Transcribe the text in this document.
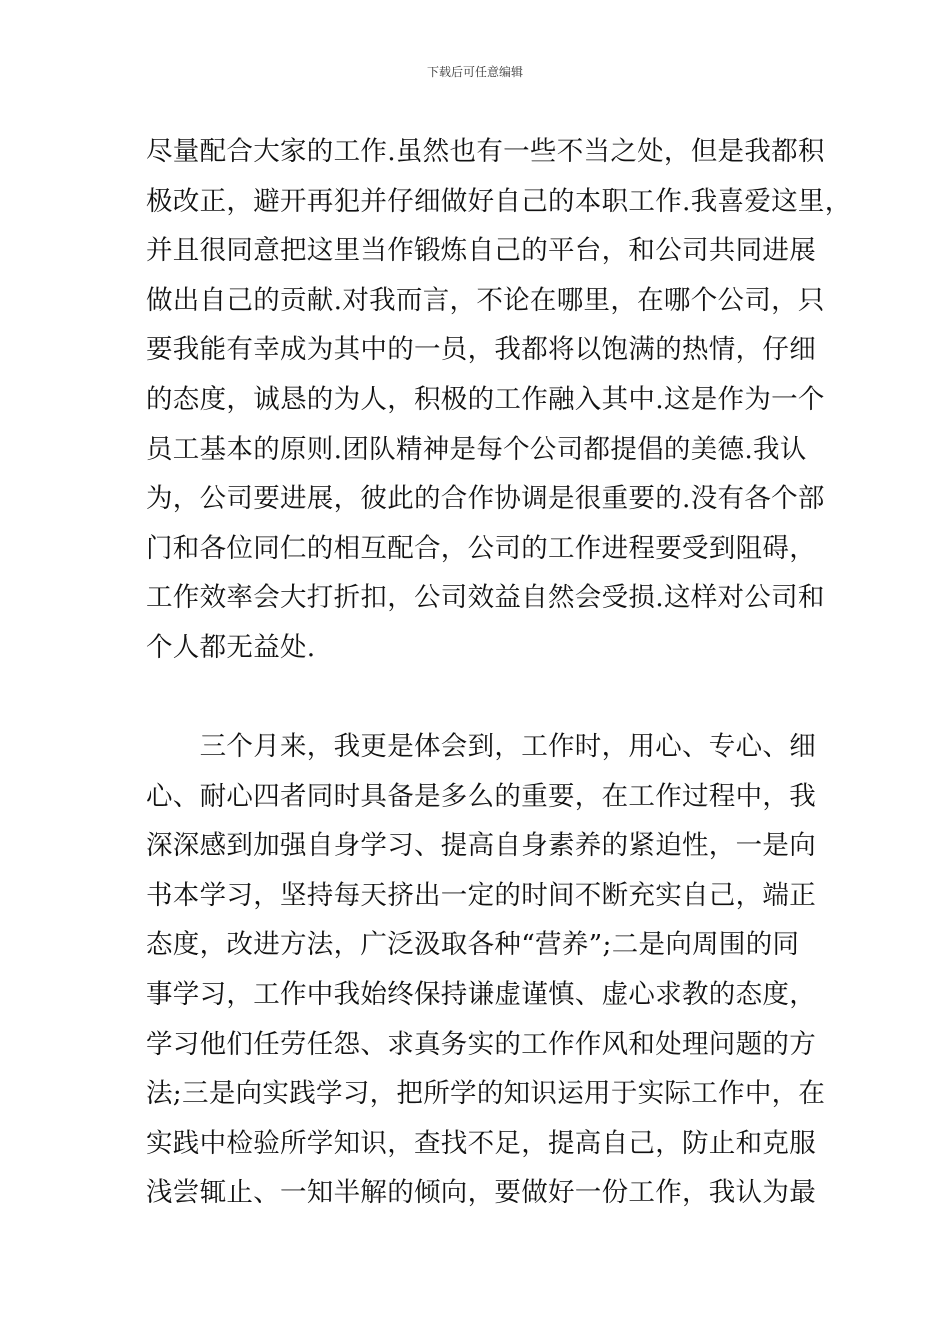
下载后可任意编辑
尽量配合大家的工作.虽然也有一些不当之处，但是我都积
极改正，避开再犯并仔细做好自己的本职工作.我喜爱这里，
并且很同意把这里当作锻炼自己的平台，和公司共同进展
做出自己的贡献.对我而言，不论在哪里，在哪个公司，只
要我能有幸成为其中的一员，我都将以饱满的热情，仔细
的态度，诚恳的为人，积极的工作融入其中.这是作为一个
员工基本的原则.团队精神是每个公司都提倡的美德.我认
为，公司要进展，彼此的合作协调是很重要的.没有各个部
门和各位同仁的相互配合，公司的工作进程要受到阻碍，
工作效率会大打折扣，公司效益自然会受损.这样对公司和
个人都无益处.
　　三个月来，我更是体会到，工作时，用心、专心、细
心、耐心四者同时具备是多么的重要，在工作过程中，我
深深感到加强自身学习、提高自身素养的紧迫性，一是向
书本学习，坚持每天挤出一定的时间不断充实自己，端正
态度，改进方法，广泛汲取各种“营养”;二是向周围的同
事学习，工作中我始终保持谦虚谨慎、虚心求教的态度，
学习他们任劳任怨、求真务实的工作作风和处理问题的方
法;三是向实践学习，把所学的知识运用于实际工作中，在
实践中检验所学知识，查找不足，提高自己，防止和克服
浅尝辄止、一知半解的倾向，要做好一份工作，我认为最
